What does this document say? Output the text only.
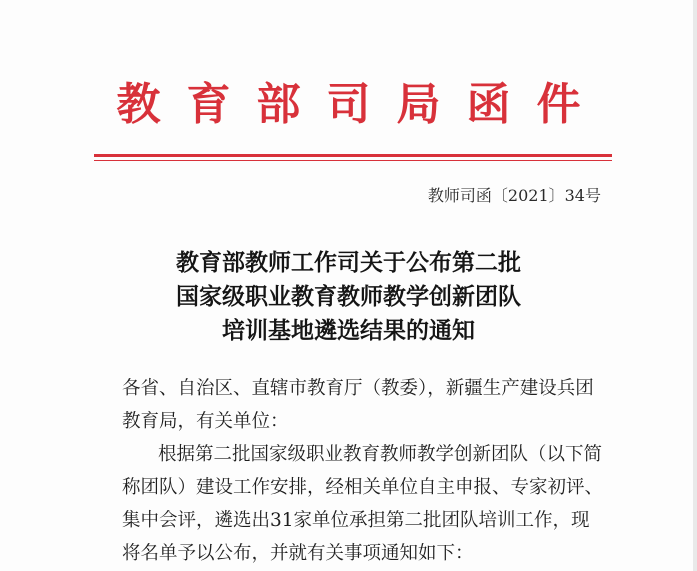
教育部司局函件
教师司函〔2021〕34号
教育部教师工作司关于公布第二批
国家级职业教育教师教学创新团队
培训基地遴选结果的通知
各省、自治区、直辖市教育厅（教委），新疆生产建设兵团
教育局，有关单位：
根据第二批国家级职业教育教师教学创新团队（以下简
称团队）建设工作安排，经相关单位自主申报、专家初评、
集中会评，遴选出31家单位承担第二批团队培训工作，现
将名单予以公布，并就有关事项通知如下：
